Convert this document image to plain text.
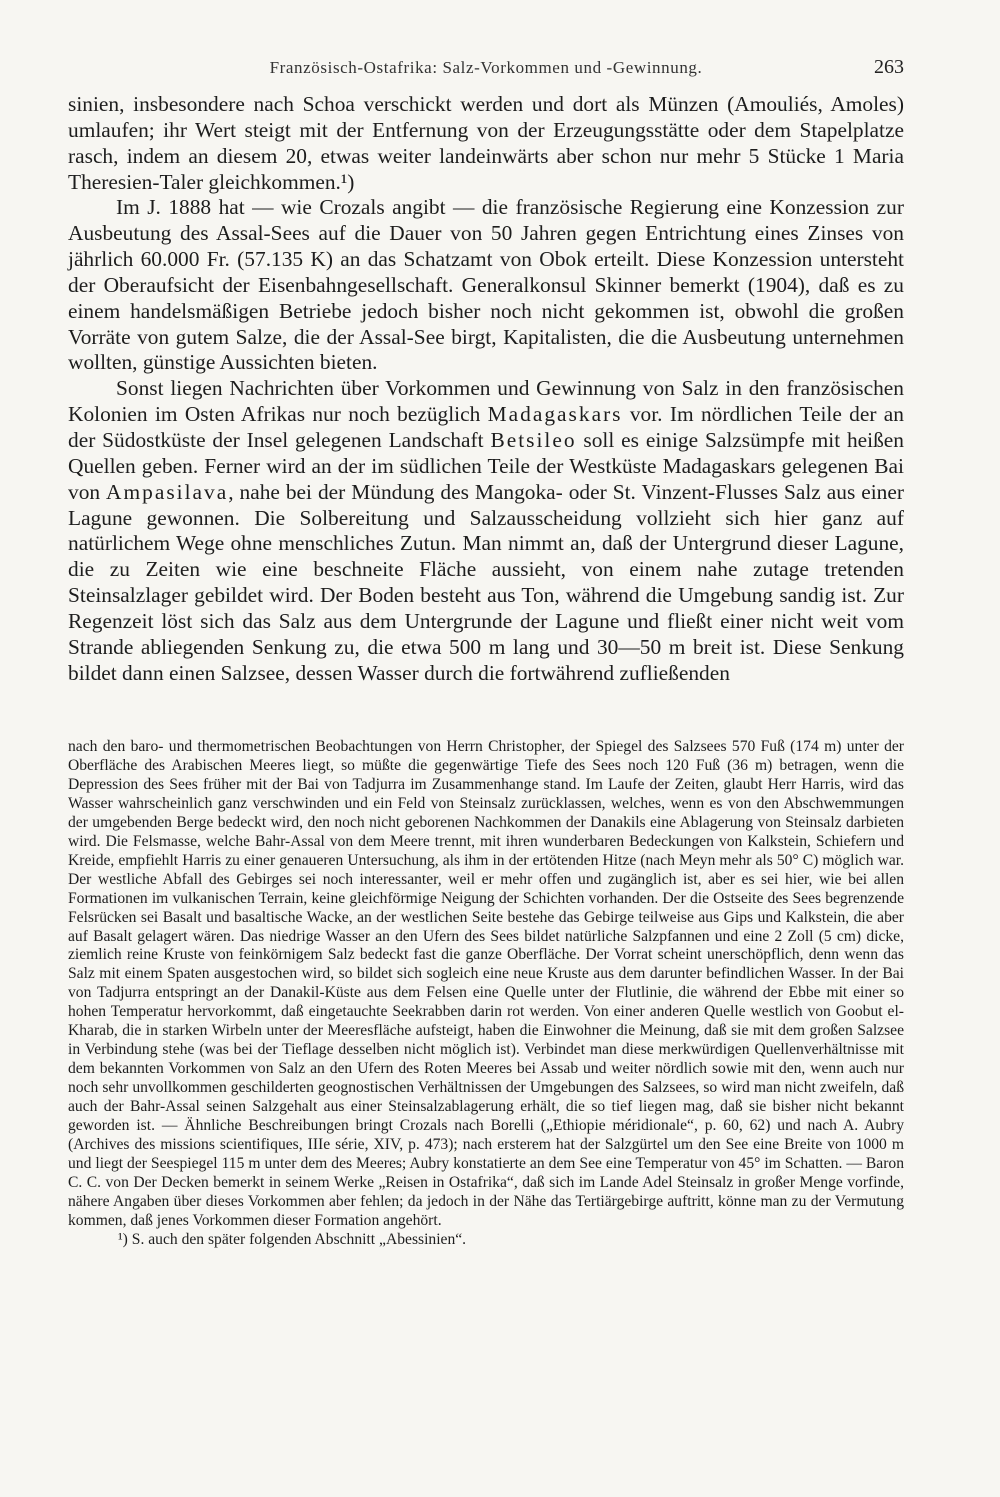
Französisch-Ostafrika: Salz-Vorkommen und -Gewinnung.	263

sinien, insbesondere nach Schoa verschickt werden und dort als Münzen (Amouliés, Amoles) umlaufen; ihr Wert steigt mit der Entfernung von der Erzeugungsstätte oder dem Stapelplatze rasch, indem an diesem 20, etwas weiter landeinwärts aber schon nur mehr 5 Stücke 1 Maria Theresien-Taler gleichkommen.¹)

Im J. 1888 hat — wie Crozals angibt — die französische Regierung eine Konzession zur Ausbeutung des Assal-Sees auf die Dauer von 50 Jahren gegen Entrichtung eines Zinses von jährlich 60.000 Fr. (57.135 K) an das Schatzamt von Obok erteilt. Diese Konzession untersteht der Oberaufsicht der Eisenbahngesellschaft. Generalkonsul Skinner bemerkt (1904), daß es zu einem handelsmäßigen Betriebe jedoch bisher noch nicht gekommen ist, obwohl die großen Vorräte von gutem Salze, die der Assal-See birgt, Kapitalisten, die die Ausbeutung unternehmen wollten, günstige Aussichten bieten.

Sonst liegen Nachrichten über Vorkommen und Gewinnung von Salz in den französischen Kolonien im Osten Afrikas nur noch bezüglich Madagaskars vor. Im nördlichen Teile der an der Südostküste der Insel gelegenen Landschaft Betsileo soll es einige Salzsümpfe mit heißen Quellen geben. Ferner wird an der im südlichen Teile der Westküste Madagaskars gelegenen Bai von Ampasilava, nahe bei der Mündung des Mangoka- oder St. Vinzent-Flusses Salz aus einer Lagune gewonnen. Die Solbereitung und Salzausscheidung vollzieht sich hier ganz auf natürlichem Wege ohne menschliches Zutun. Man nimmt an, daß der Untergrund dieser Lagune, die zu Zeiten wie eine beschneite Fläche aussieht, von einem nahe zutage tretenden Steinsalzlager gebildet wird. Der Boden besteht aus Ton, während die Umgebung sandig ist. Zur Regenzeit löst sich das Salz aus dem Untergrunde der Lagune und fließt einer nicht weit vom Strande abliegenden Senkung zu, die etwa 500 m lang und 30—50 m breit ist. Diese Senkung bildet dann einen Salzsee, dessen Wasser durch die fortwährend zufließenden

nach den baro- und thermometrischen Beobachtungen von Herrn Christopher, der Spiegel des Salzsees 570 Fuß (174 m) unter der Oberfläche des Arabischen Meeres liegt, so müßte die gegenwärtige Tiefe des Sees noch 120 Fuß (36 m) betragen, wenn die Depression des Sees früher mit der Bai von Tadjurra im Zusammenhange stand. Im Laufe der Zeiten, glaubt Herr Harris, wird das Wasser wahrscheinlich ganz verschwinden und ein Feld von Steinsalz zurücklassen, welches, wenn es von den Abschwemmungen der umgebenden Berge bedeckt wird, den noch nicht geborenen Nachkommen der Danakils eine Ablagerung von Steinsalz darbieten wird. Die Felsmasse, welche Bahr-Assal von dem Meere trennt, mit ihren wunderbaren Bedeckungen von Kalkstein, Schiefern und Kreide, empfiehlt Harris zu einer genaueren Untersuchung, als ihm in der ertötenden Hitze (nach Meyn mehr als 50° C) möglich war. Der westliche Abfall des Gebirges sei noch interessanter, weil er mehr offen und zugänglich ist, aber es sei hier, wie bei allen Formationen im vulkanischen Terrain, keine gleichförmige Neigung der Schichten vorhanden. Der die Ostseite des Sees begrenzende Felsrücken sei Basalt und basaltische Wacke, an der westlichen Seite bestehe das Gebirge teilweise aus Gips und Kalkstein, die aber auf Basalt gelagert wären. Das niedrige Wasser an den Ufern des Sees bildet natürliche Salzpfannen und eine 2 Zoll (5 cm) dicke, ziemlich reine Kruste von feinkörnigem Salz bedeckt fast die ganze Oberfläche. Der Vorrat scheint unerschöpflich, denn wenn das Salz mit einem Spaten ausgestochen wird, so bildet sich sogleich eine neue Kruste aus dem darunter befindlichen Wasser. In der Bai von Tadjurra entspringt an der Danakil-Küste aus dem Felsen eine Quelle unter der Flutlinie, die während der Ebbe mit einer so hohen Temperatur hervorkommt, daß eingetauchte Seekrabben darin rot werden. Von einer anderen Quelle westlich von Goobut el-Kharab, die in starken Wirbeln unter der Meeresfläche aufsteigt, haben die Einwohner die Meinung, daß sie mit dem großen Salzsee in Verbindung stehe (was bei der Tieflage desselben nicht möglich ist). Verbindet man diese merkwürdigen Quellenverhältnisse mit dem bekannten Vorkommen von Salz an den Ufern des Roten Meeres bei Assab und weiter nördlich sowie mit den, wenn auch nur noch sehr unvollkommen geschilderten geognostischen Verhältnissen der Umgebungen des Salzsees, so wird man nicht zweifeln, daß auch der Bahr-Assal seinen Salzgehalt aus einer Steinsalzablagerung erhält, die so tief liegen mag, daß sie bisher nicht bekannt geworden ist. — Ähnliche Beschreibungen bringt Crozals nach Borelli („Ethiopie méridionale“, p. 60, 62) und nach A. Aubry (Archives des missions scientifiques, IIIe série, XIV, p. 473); nach ersterem hat der Salzgürtel um den See eine Breite von 1000 m und liegt der Seespiegel 115 m unter dem des Meeres; Aubry konstatierte an dem See eine Temperatur von 45° im Schatten. — Baron C. C. von Der Decken bemerkt in seinem Werke „Reisen in Ostafrika“, daß sich im Lande Adel Steinsalz in großer Menge vorfinde, nähere Angaben über dieses Vorkommen aber fehlen; da jedoch in der Nähe das Tertiärgebirge auftritt, könne man zu der Vermutung kommen, daß jenes Vorkommen dieser Formation angehört.

¹) S. auch den später folgenden Abschnitt „Abessinien“.
